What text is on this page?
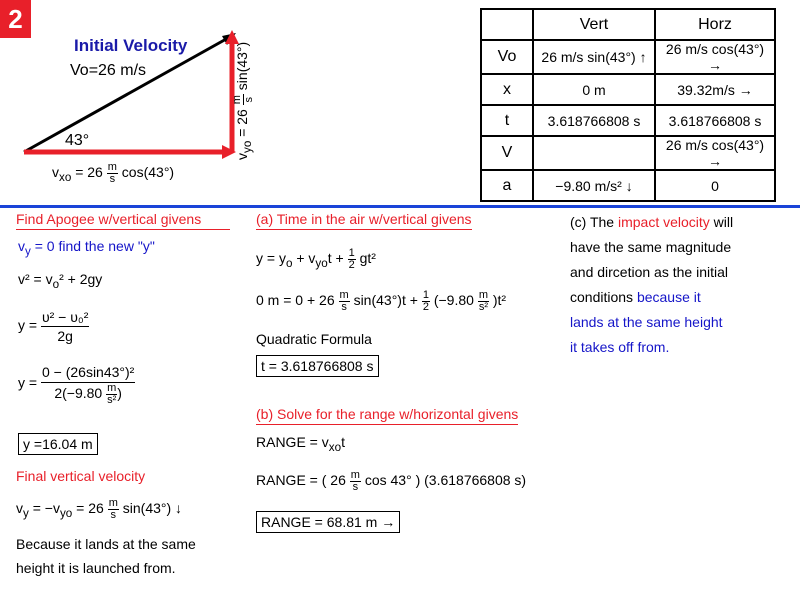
2
Initial Velocity
Vo=26 m/s
43°
$v_{xo} = 26 \frac{m}{s} \cos(43^\circ)$
$v_{yo} = 26$
m s
sin(43°)
	Vert	Horz
Vo	26 m/s sin(43°) ↑	26 m/s cos(43°) →
x	0 m	39.32m/s →
t	3.618766808 s	3.618766808 s
V		26 m/s cos(43°) →
a	−9.80 m/s² ↓	0
Find Apogee w/vertical givens
$v_y = 0$ find the new "y"
$v^2 = v_o^2 + 2gy$
$y = \frac{\text{υ² − υ₀²}}{2g}$
$y = \frac{\text{0 − (26sin43°)²}}{2(-9.80 \frac{m}{\text{s²}} )}$
y =16.04 m
Final vertical velocity
$v_y = -v_{yo} = 26 \frac{m}{s} \sin(43^\circ)$ ↓
Because it lands at the same
height it is launched from.
(a) Time in the air w/vertical givens
$y = y_o + v_{yo}t + \frac{1}{2} gt^2$
0 $m = 0 + 26 \frac{m}{s} \sin(43^\circ)t + \frac{1}{2} (-9.80 \frac{m}{\text{s²}} )t^2$
Quadratic Formula
t = 3.618766808 s
(b) Solve for the range w/horizontal givens
RANGE = $v_{xo}t$
RANGE = ( $26 \frac{m}{s}$ cos 43° ) (3.618766808 s)
RANGE = 68.81 m →
(c) The impact velocity will
have the same magnitude
and dircetion as the initial
conditions because it
lands at the same height
it takes off from.
